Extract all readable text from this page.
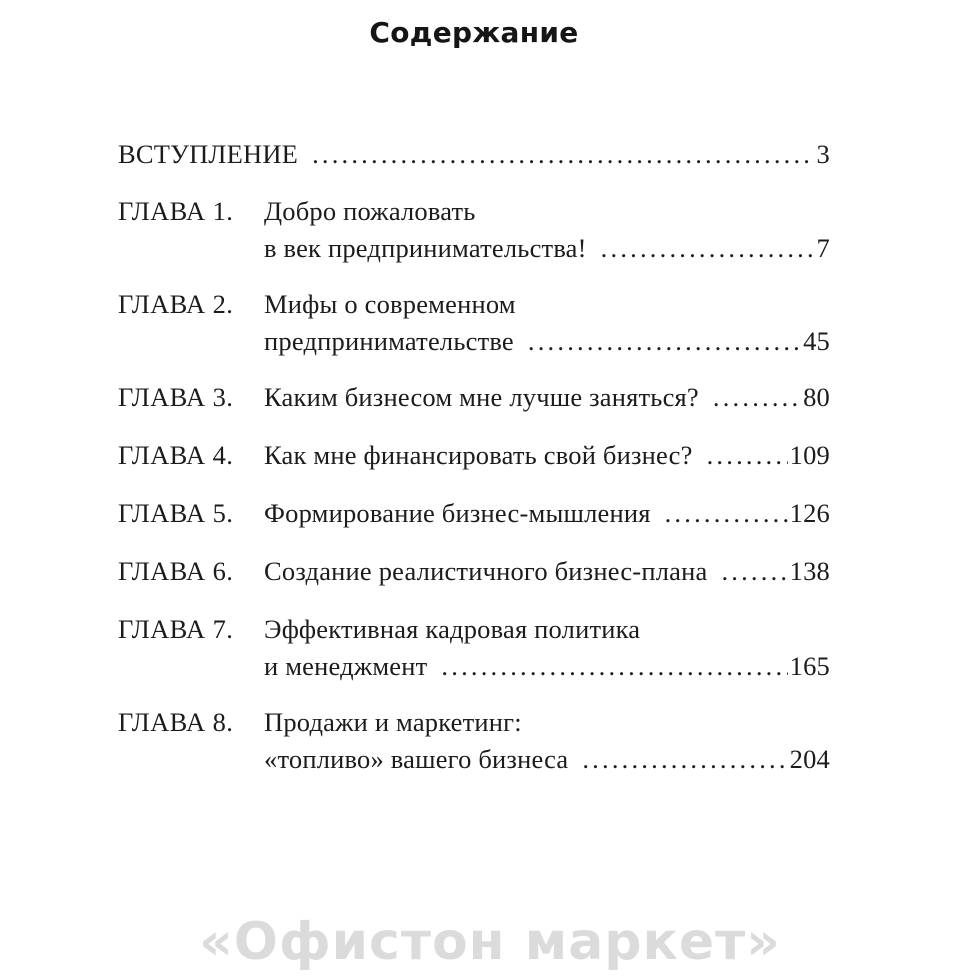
Содержание
ВСТУПЛЕНИЕ .....	3
ГЛАВА 1.	Добро пожаловать
в век предпринимательства! .....	7
ГЛАВА 2.	Мифы о современном
предпринимательстве .....	45
ГЛАВА 3.	Каким бизнесом мне лучше заняться? .....	80
ГЛАВА 4.	Как мне финансировать свой бизнес? .....	109
ГЛАВА 5.	Формирование бизнес-мышления .....	126
ГЛАВА 6.	Создание реалистичного бизнес-плана .....	138
ГЛАВА 7.	Эффективная кадровая политика
и менеджмент .....	165
ГЛАВА 8.	Продажи и маркетинг:
«топливо» вашего бизнеса .....	204
«Офистон маркет»
